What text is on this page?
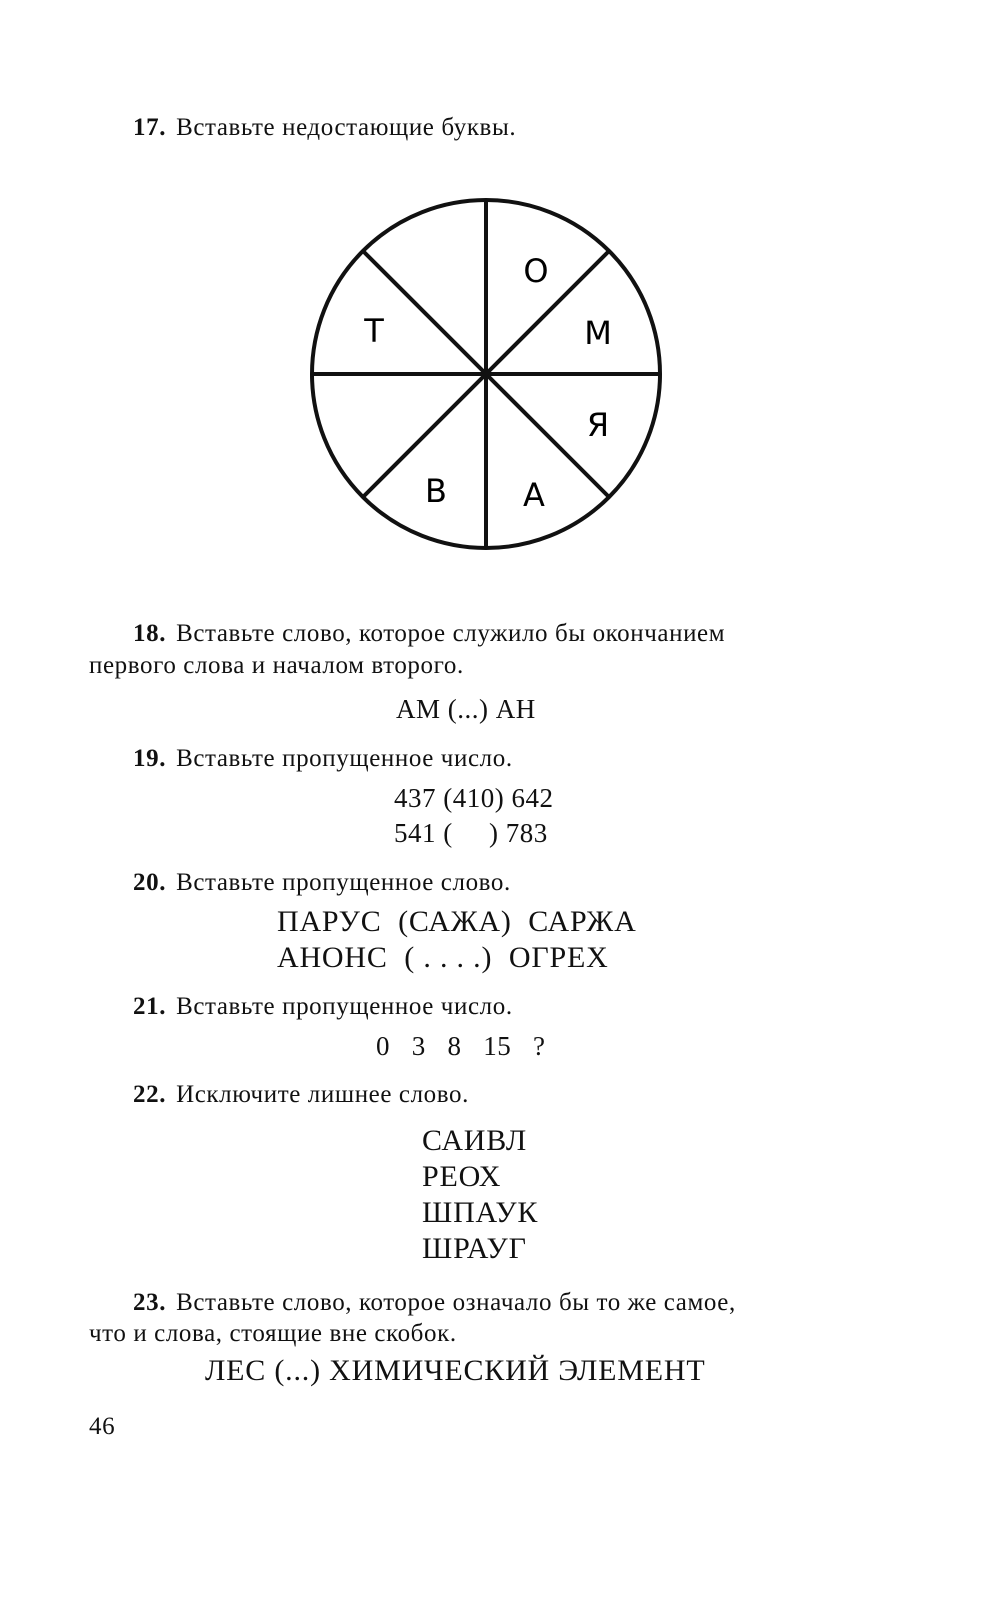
17. Вставьте недостающие буквы.
О
М
Я
А
В
Т
18. Вставьте слово, которое служило бы окончанием
первого слова и началом второго.
АМ (...) АН
19. Вставьте пропущенное число.
437 (410) 642
541 (     ) 783
20. Вставьте пропущенное слово.
ПАРУС  (САЖА)  САРЖА
АНОНС  ( . . . .)  ОГРЕХ
21. Вставьте пропущенное число.
0   3   8   15   ?
22. Исключите лишнее слово.
САИВЛ
РЕОХ
ШПАУК
ШРАУГ
23. Вставьте слово, которое означало бы то же самое,
что и слова, стоящие вне скобок.
ЛЕС (...) ХИМИЧЕСКИЙ ЭЛЕМЕНТ
46
